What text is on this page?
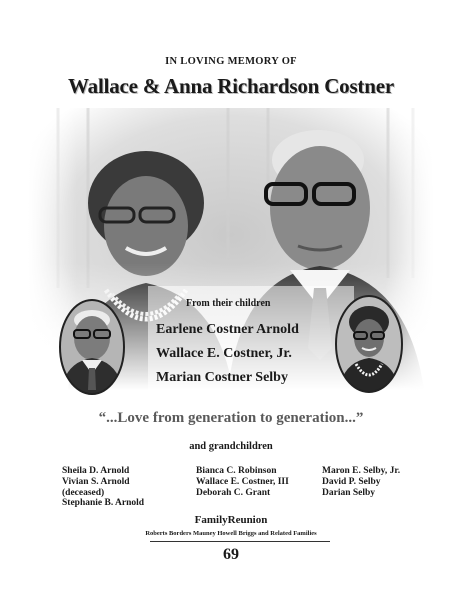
IN LOVING MEMORY OF
Wallace & Anna Richardson Costner
From their children
Earlene Costner Arnold
Wallace E. Costner, Jr.
Marian Costner Selby
“...Love from generation to generation...”
and grandchildren
Sheila D. Arnold
Vivian S. Arnold
(deceased)
Stephanie B. Arnold
Bianca C. Robinson
Wallace E. Costner, III
Deborah C. Grant
Maron E. Selby, Jr.
David P. Selby
Darian Selby
FamilyReunion
Roberts Borders Mauney Howell Briggs and Related Families
69
